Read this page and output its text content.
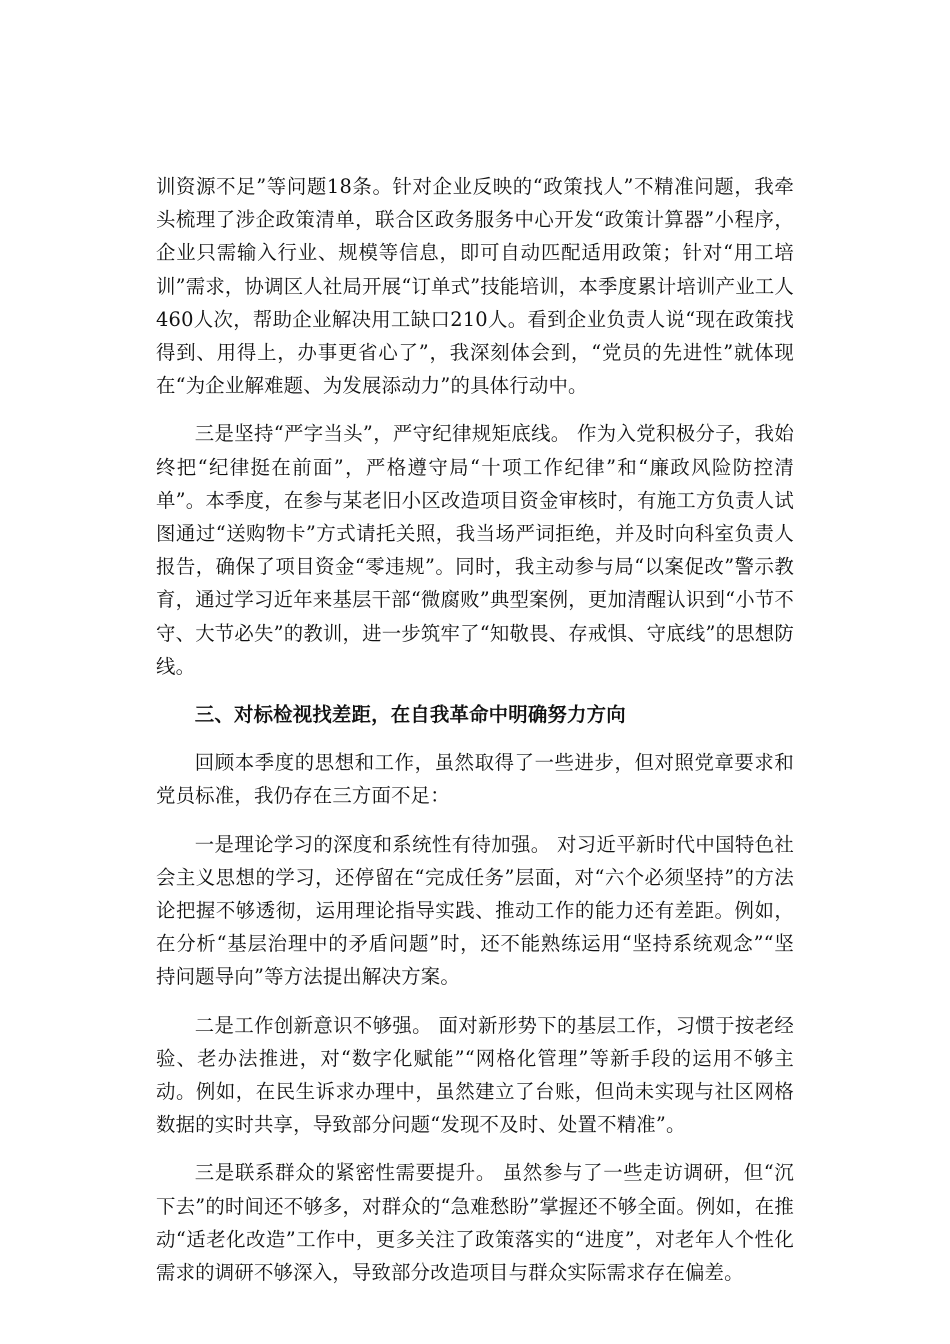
训资源不足”等问题18条。针对企业反映的“政策找人”不精准问题，我牵头梳理了涉企政策清单，联合区政务服务中心开发“政策计算器”小程序，企业只需输入行业、规模等信息，即可自动匹配适用政策；针对“用工培训”需求，协调区人社局开展“订单式”技能培训，本季度累计培训产业工人460人次，帮助企业解决用工缺口210人。看到企业负责人说“现在政策找得到、用得上，办事更省心了”，我深刻体会到，“党员的先进性”就体现在“为企业解难题、为发展添动力”的具体行动中。

三是坚持“严字当头”，严守纪律规矩底线。 作为入党积极分子，我始终把“纪律挺在前面”，严格遵守局“十项工作纪律”和“廉政风险防控清单”。本季度，在参与某老旧小区改造项目资金审核时，有施工方负责人试图通过“送购物卡”方式请托关照，我当场严词拒绝，并及时向科室负责人报告，确保了项目资金“零违规”。同时，我主动参与局“以案促改”警示教育，通过学习近年来基层干部“微腐败”典型案例，更加清醒认识到“小节不守、大节必失”的教训，进一步筑牢了“知敬畏、存戒惧、守底线”的思想防线。

三、对标检视找差距，在自我革命中明确努力方向

回顾本季度的思想和工作，虽然取得了一些进步，但对照党章要求和党员标准，我仍存在三方面不足：

一是理论学习的深度和系统性有待加强。 对习近平新时代中国特色社会主义思想的学习，还停留在“完成任务”层面，对“六个必须坚持”的方法论把握不够透彻，运用理论指导实践、推动工作的能力还有差距。例如，在分析“基层治理中的矛盾问题”时，还不能熟练运用“坚持系统观念”“坚持问题导向”等方法提出解决方案。

二是工作创新意识不够强。 面对新形势下的基层工作，习惯于按老经验、老办法推进，对“数字化赋能”“网格化管理”等新手段的运用不够主动。例如，在民生诉求办理中，虽然建立了台账，但尚未实现与社区网格数据的实时共享，导致部分问题“发现不及时、处置不精准”。

三是联系群众的紧密性需要提升。 虽然参与了一些走访调研，但“沉下去”的时间还不够多，对群众的“急难愁盼”掌握还不够全面。例如，在推动“适老化改造”工作中，更多关注了政策落实的“进度”，对老年人个性化需求的调研不够深入，导致部分改造项目与群众实际需求存在偏差。
